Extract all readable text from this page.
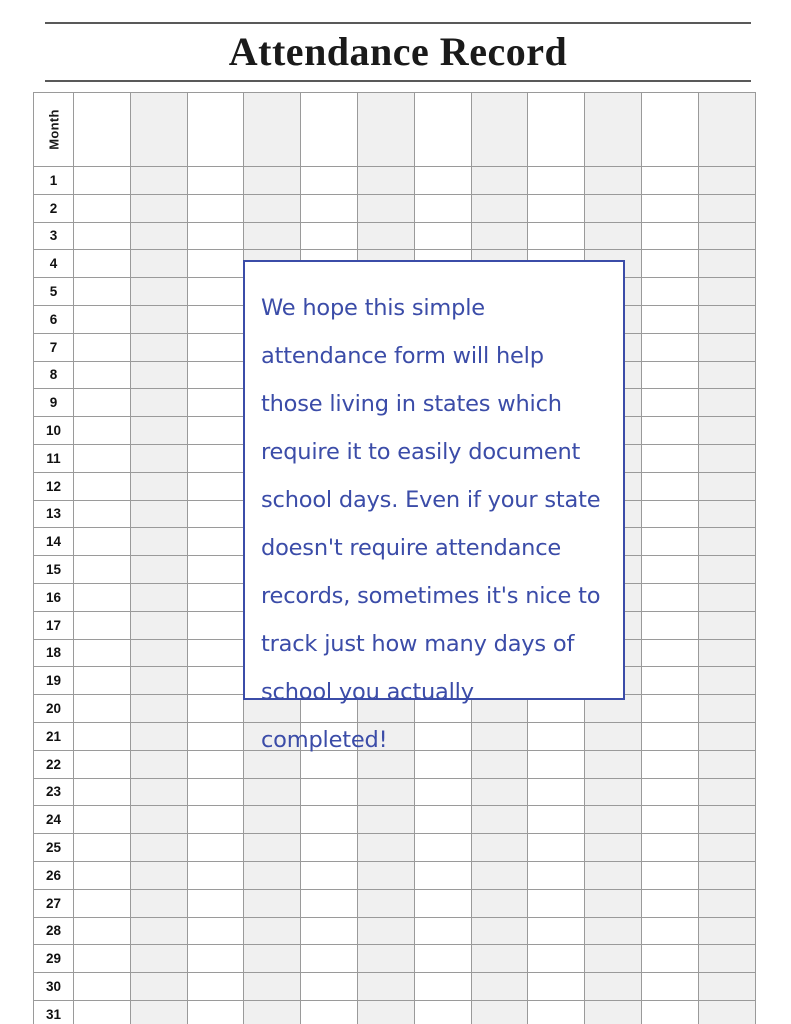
Attendance Record
Month												
1												
2												
3												
4												
5												
6												
7												
8												
9												
10												
11												
12												
13												
14												
15												
16												
17												
18												
19												
20												
21												
22												
23												
24												
25												
26												
27												
28												
29												
30												
31												

We hope this simple attendance form will help those living in states which require it to easily document school days. Even if your state doesn't require attendance records, sometimes it's nice to track just how many days of school you actually completed!
